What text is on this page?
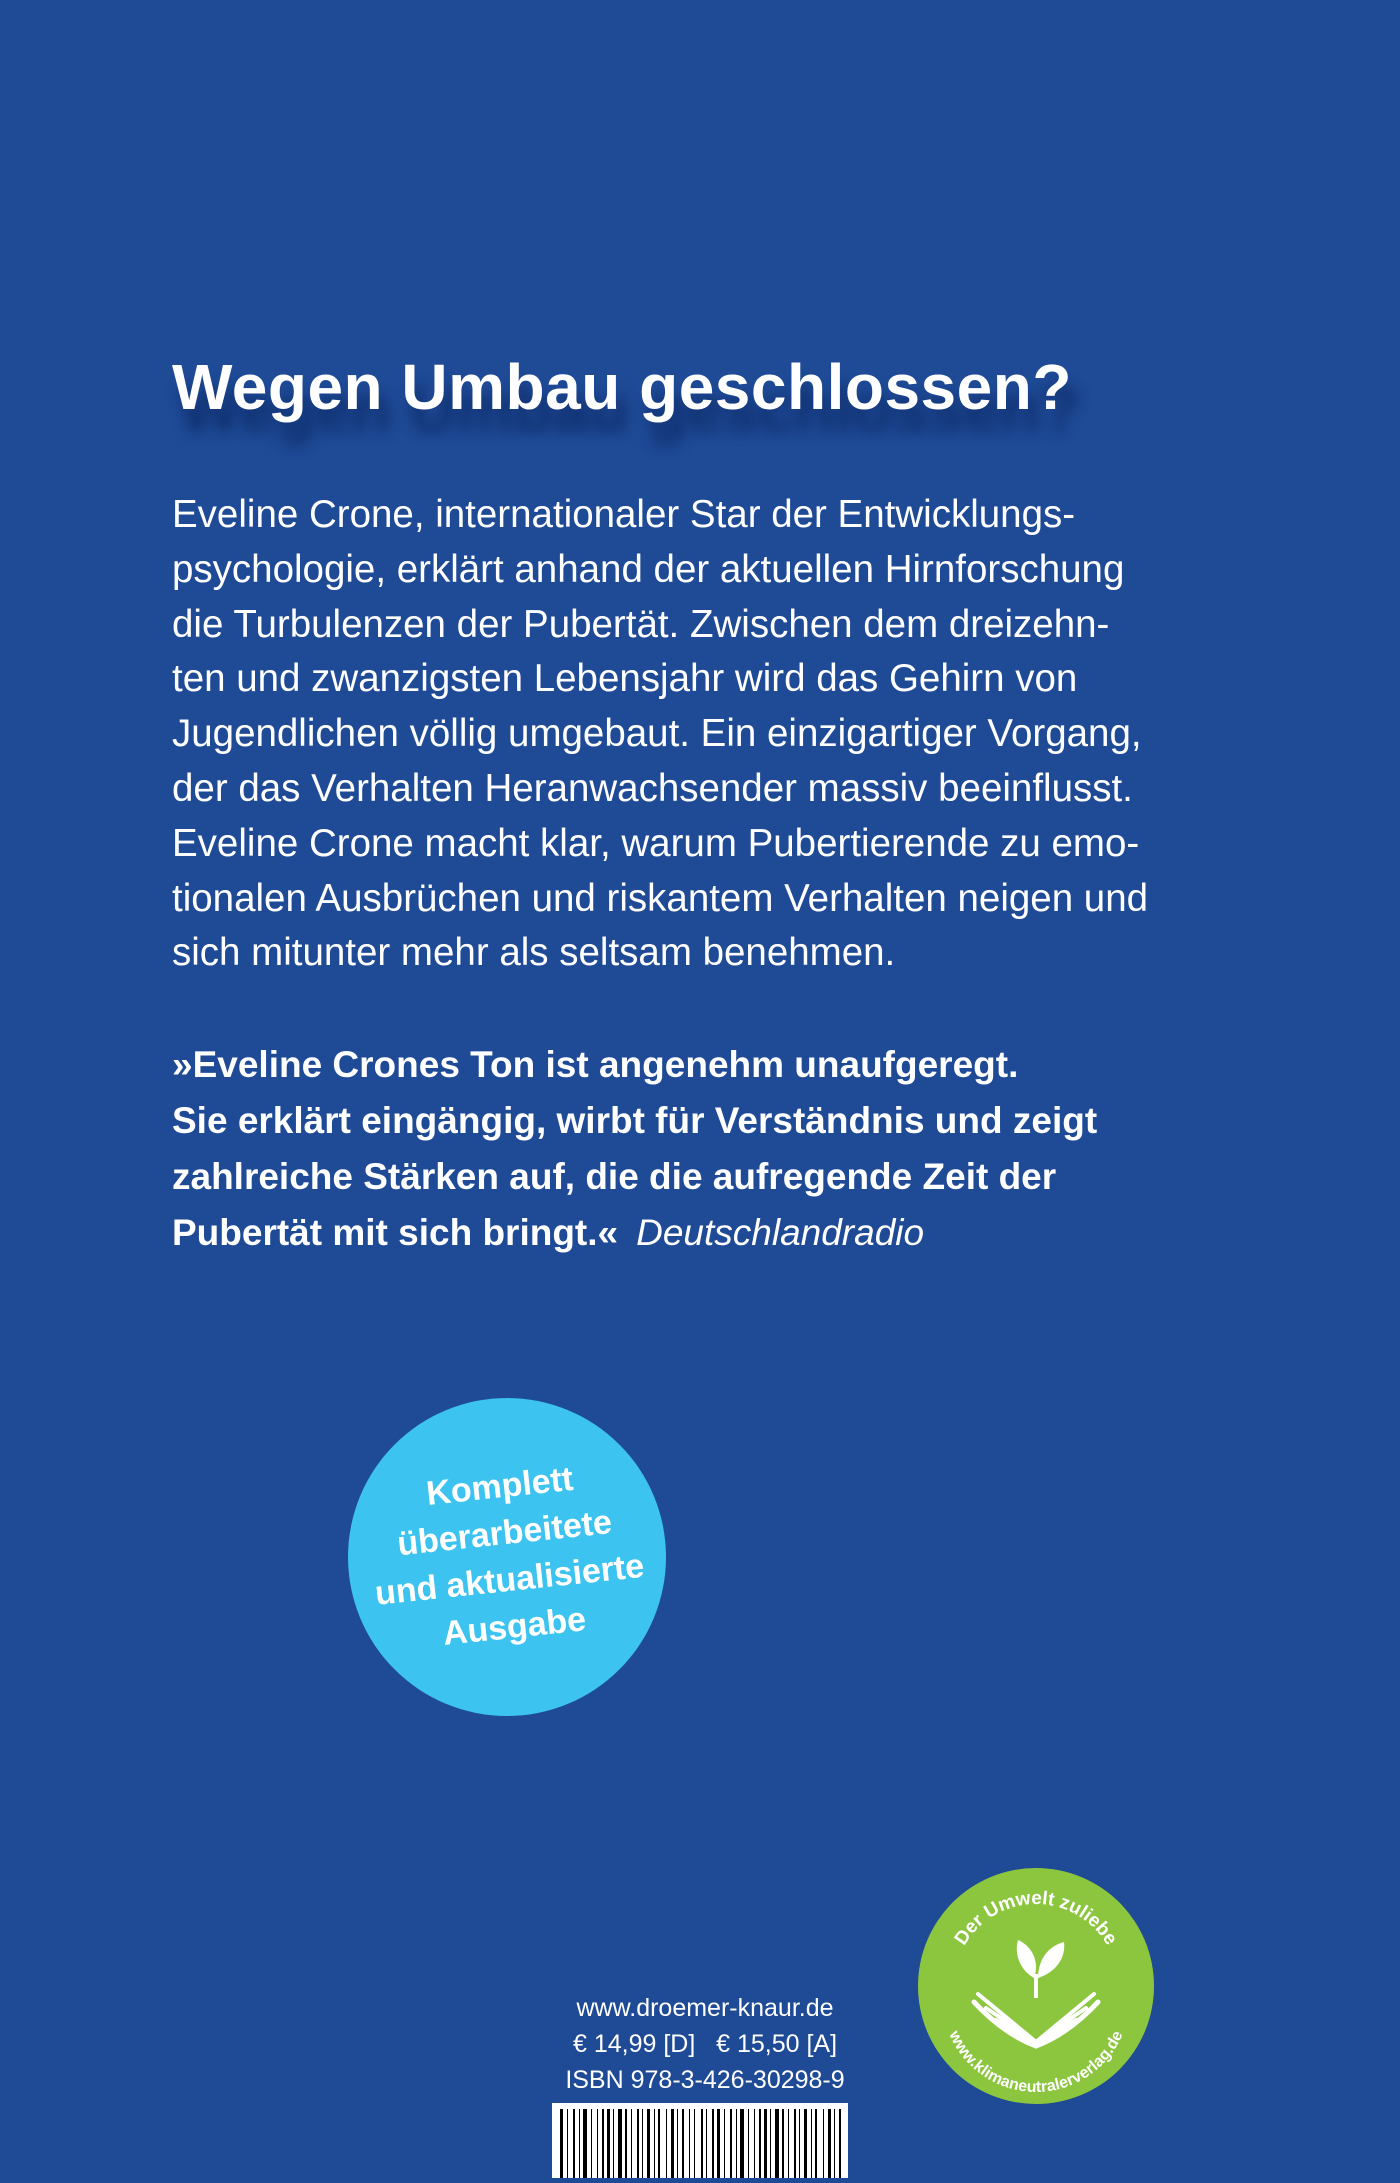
Wegen Umbau geschlossen?

Eveline Crone, internationaler Star der Entwicklungs-
psychologie, erklärt anhand der aktuellen Hirnforschung
die Turbulenzen der Pubertät. Zwischen dem dreizehn-
ten und zwanzigsten Lebensjahr wird das Gehirn von
Jugendlichen völlig umgebaut. Ein einzigartiger Vorgang,
der das Verhalten Heranwachsender massiv beeinflusst.
Eveline Crone macht klar, warum Pubertierende zu emo-
tionalen Ausbrüchen und riskantem Verhalten neigen und
sich mitunter mehr als seltsam benehmen.

»Eveline Crones Ton ist angenehm unaufgeregt.
Sie erklärt eingängig, wirbt für Verständnis und zeigt
zahlreiche Stärken auf, die die aufregende Zeit der
Pubertät mit sich bringt.« Deutschlandradio

Komplett
überarbeitete
und aktualisierte
Ausgabe
www.droemer-knaur.de
€ 14,99 [D]   € 15,50 [A]
ISBN 978-3-426-30298-9
Der Umwelt zuliebe
www.klimaneutralerverlag.de
